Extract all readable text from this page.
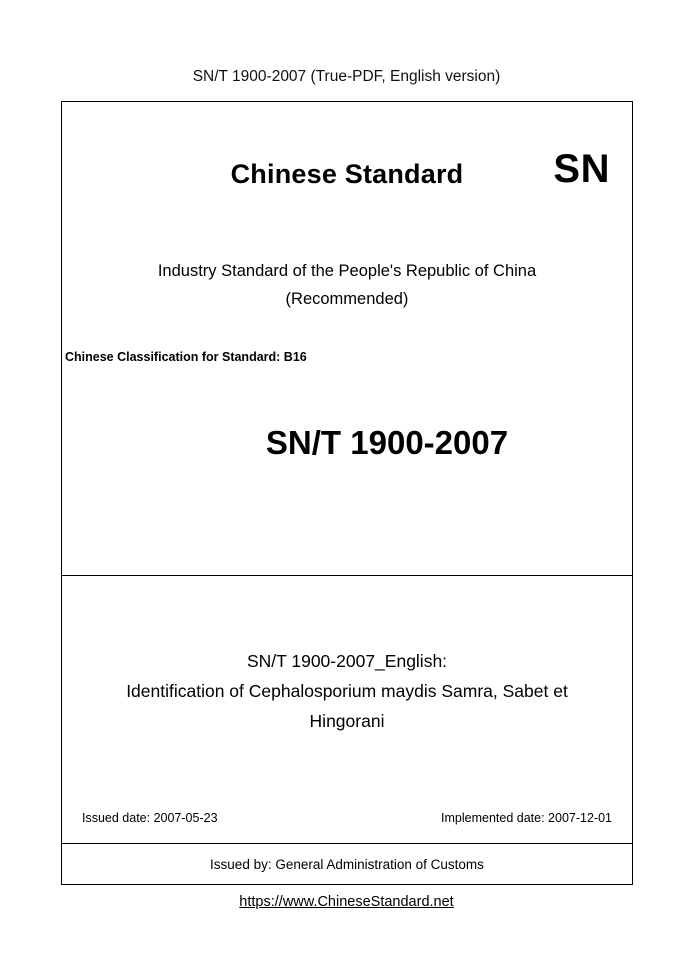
SN/T 1900-2007 (True-PDF, English version)
Chinese Standard	SN
Industry Standard of the People's Republic of China
(Recommended)
Chinese Classification for Standard: B16
SN/T 1900-2007
SN/T 1900-2007_English:
Identification of Cephalosporium maydis Samra, Sabet et
Hingorani
Issued date: 2007-05-23	Implemented date: 2007-12-01
Issued by: General Administration of Customs
https://www.ChineseStandard.net
